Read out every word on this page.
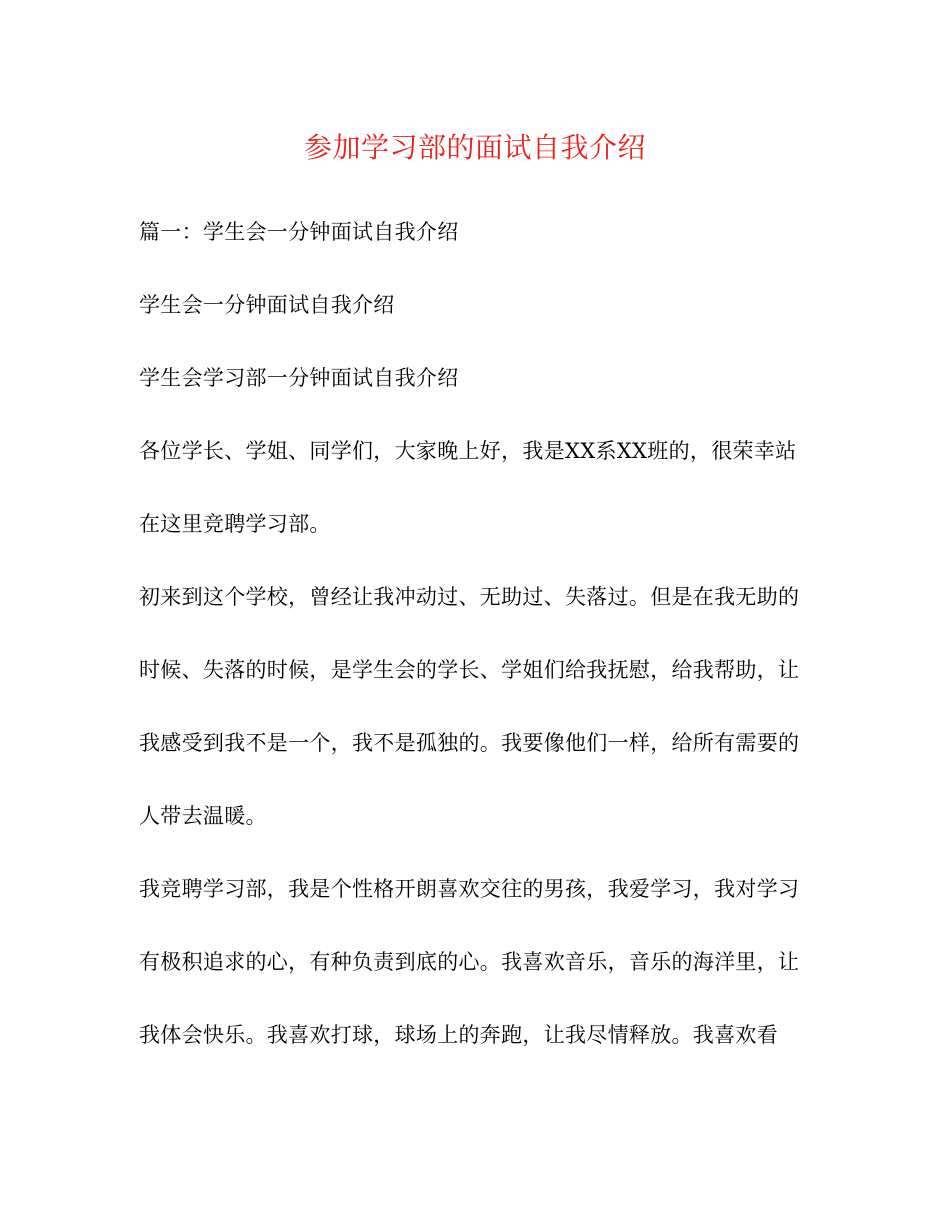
参加学习部的面试自我介绍
篇一：学生会一分钟面试自我介绍
学生会一分钟面试自我介绍
学生会学习部一分钟面试自我介绍
各位学长、学姐、同学们，大家晚上好，我是XX系XX班的，很荣幸站
在这里竞聘学习部。
初来到这个学校，曾经让我冲动过、无助过、失落过。但是在我无助的
时候、失落的时候，是学生会的学长、学姐们给我抚慰，给我帮助，让
我感受到我不是一个，我不是孤独的。我要像他们一样，给所有需要的
人带去温暖。
我竞聘学习部，我是个性格开朗喜欢交往的男孩，我爱学习，我对学习
有极积追求的心，有种负责到底的心。我喜欢音乐，音乐的海洋里，让
我体会快乐。我喜欢打球，球场上的奔跑，让我尽情释放。我喜欢看
